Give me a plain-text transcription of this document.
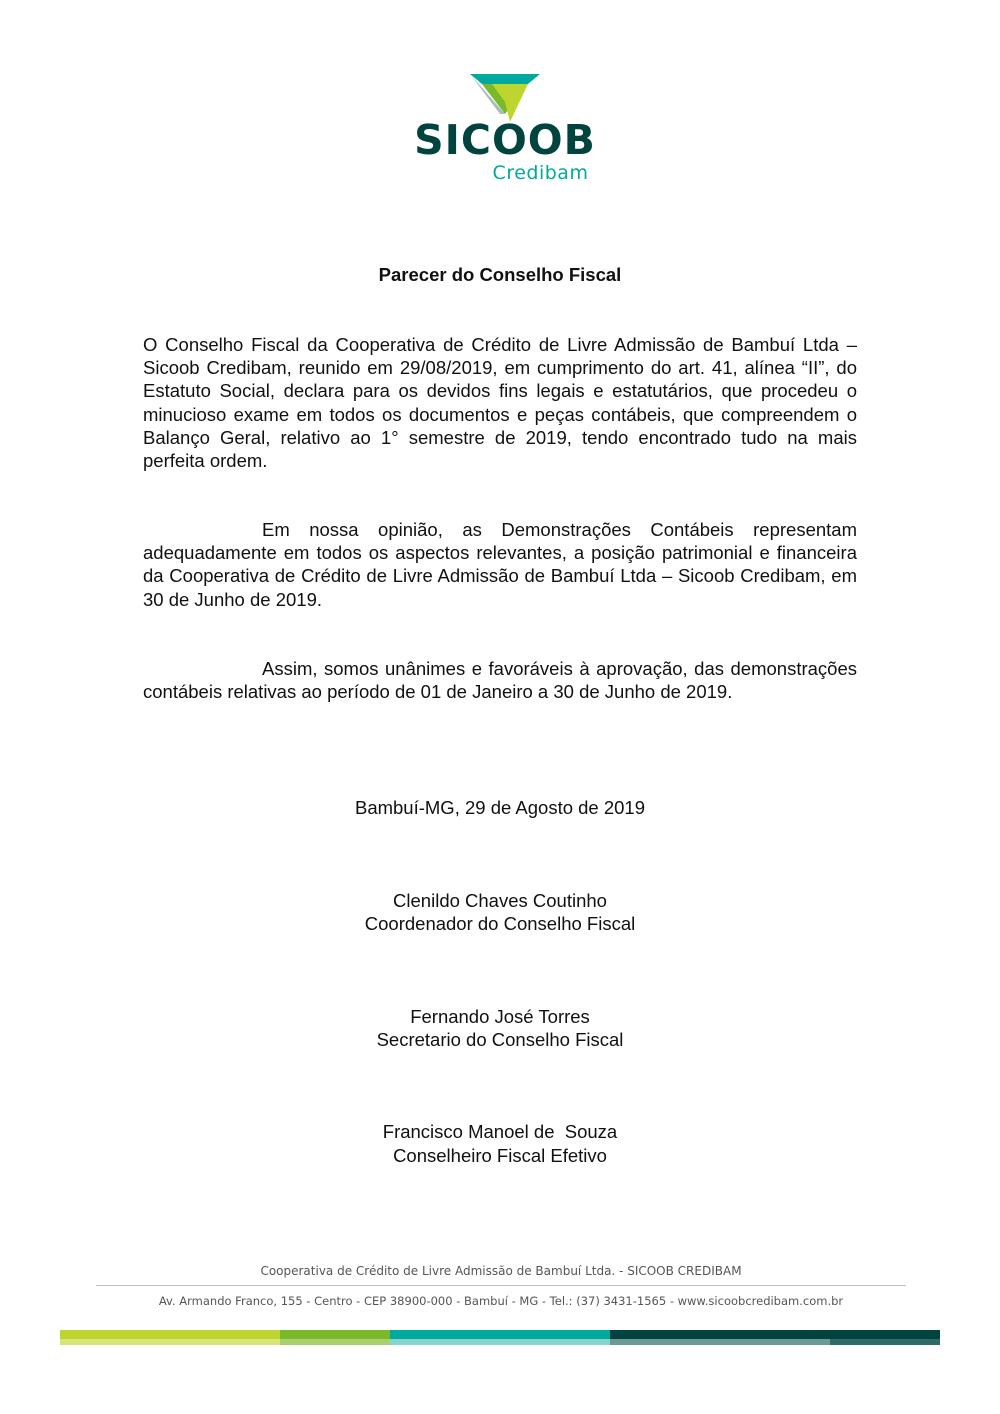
SICOOB
Credibam
Parecer do Conselho Fiscal
O Conselho Fiscal da Cooperativa de Crédito de Livre Admissão de Bambuí Ltda – Sicoob Credibam, reunido em 29/08/2019, em cumprimento do art. 41, alínea “II”, do Estatuto Social, declara para os devidos fins legais e estatutários, que procedeu o minucioso exame em todos os documentos e peças contábeis, que compreendem o Balanço Geral, relativo ao 1° semestre de 2019, tendo encontrado tudo na mais perfeita ordem.
Em nossa opinião, as Demonstrações Contábeis representam adequadamente em todos os aspectos relevantes, a posição patrimonial e financeira da Cooperativa de Crédito de Livre Admissão de Bambuí Ltda – Sicoob Credibam, em 30 de Junho de 2019.
Assim, somos unânimes e favoráveis à aprovação, das demonstrações contábeis relativas ao período de 01 de Janeiro a 30 de Junho de 2019.
Bambuí-MG, 29 de Agosto de 2019
Clenildo Chaves Coutinho
Coordenador do Conselho Fiscal
Fernando José Torres
Secretario do Conselho Fiscal
Francisco Manoel de  Souza
Conselheiro Fiscal Efetivo
Cooperativa de Crédito de Livre Admissão de Bambuí Ltda. - SICOOB CREDIBAM
Av. Armando Franco, 155 - Centro - CEP 38900-000 - Bambuí - MG - Tel.: (37) 3431-1565 - www.sicoobcredibam.com.br
